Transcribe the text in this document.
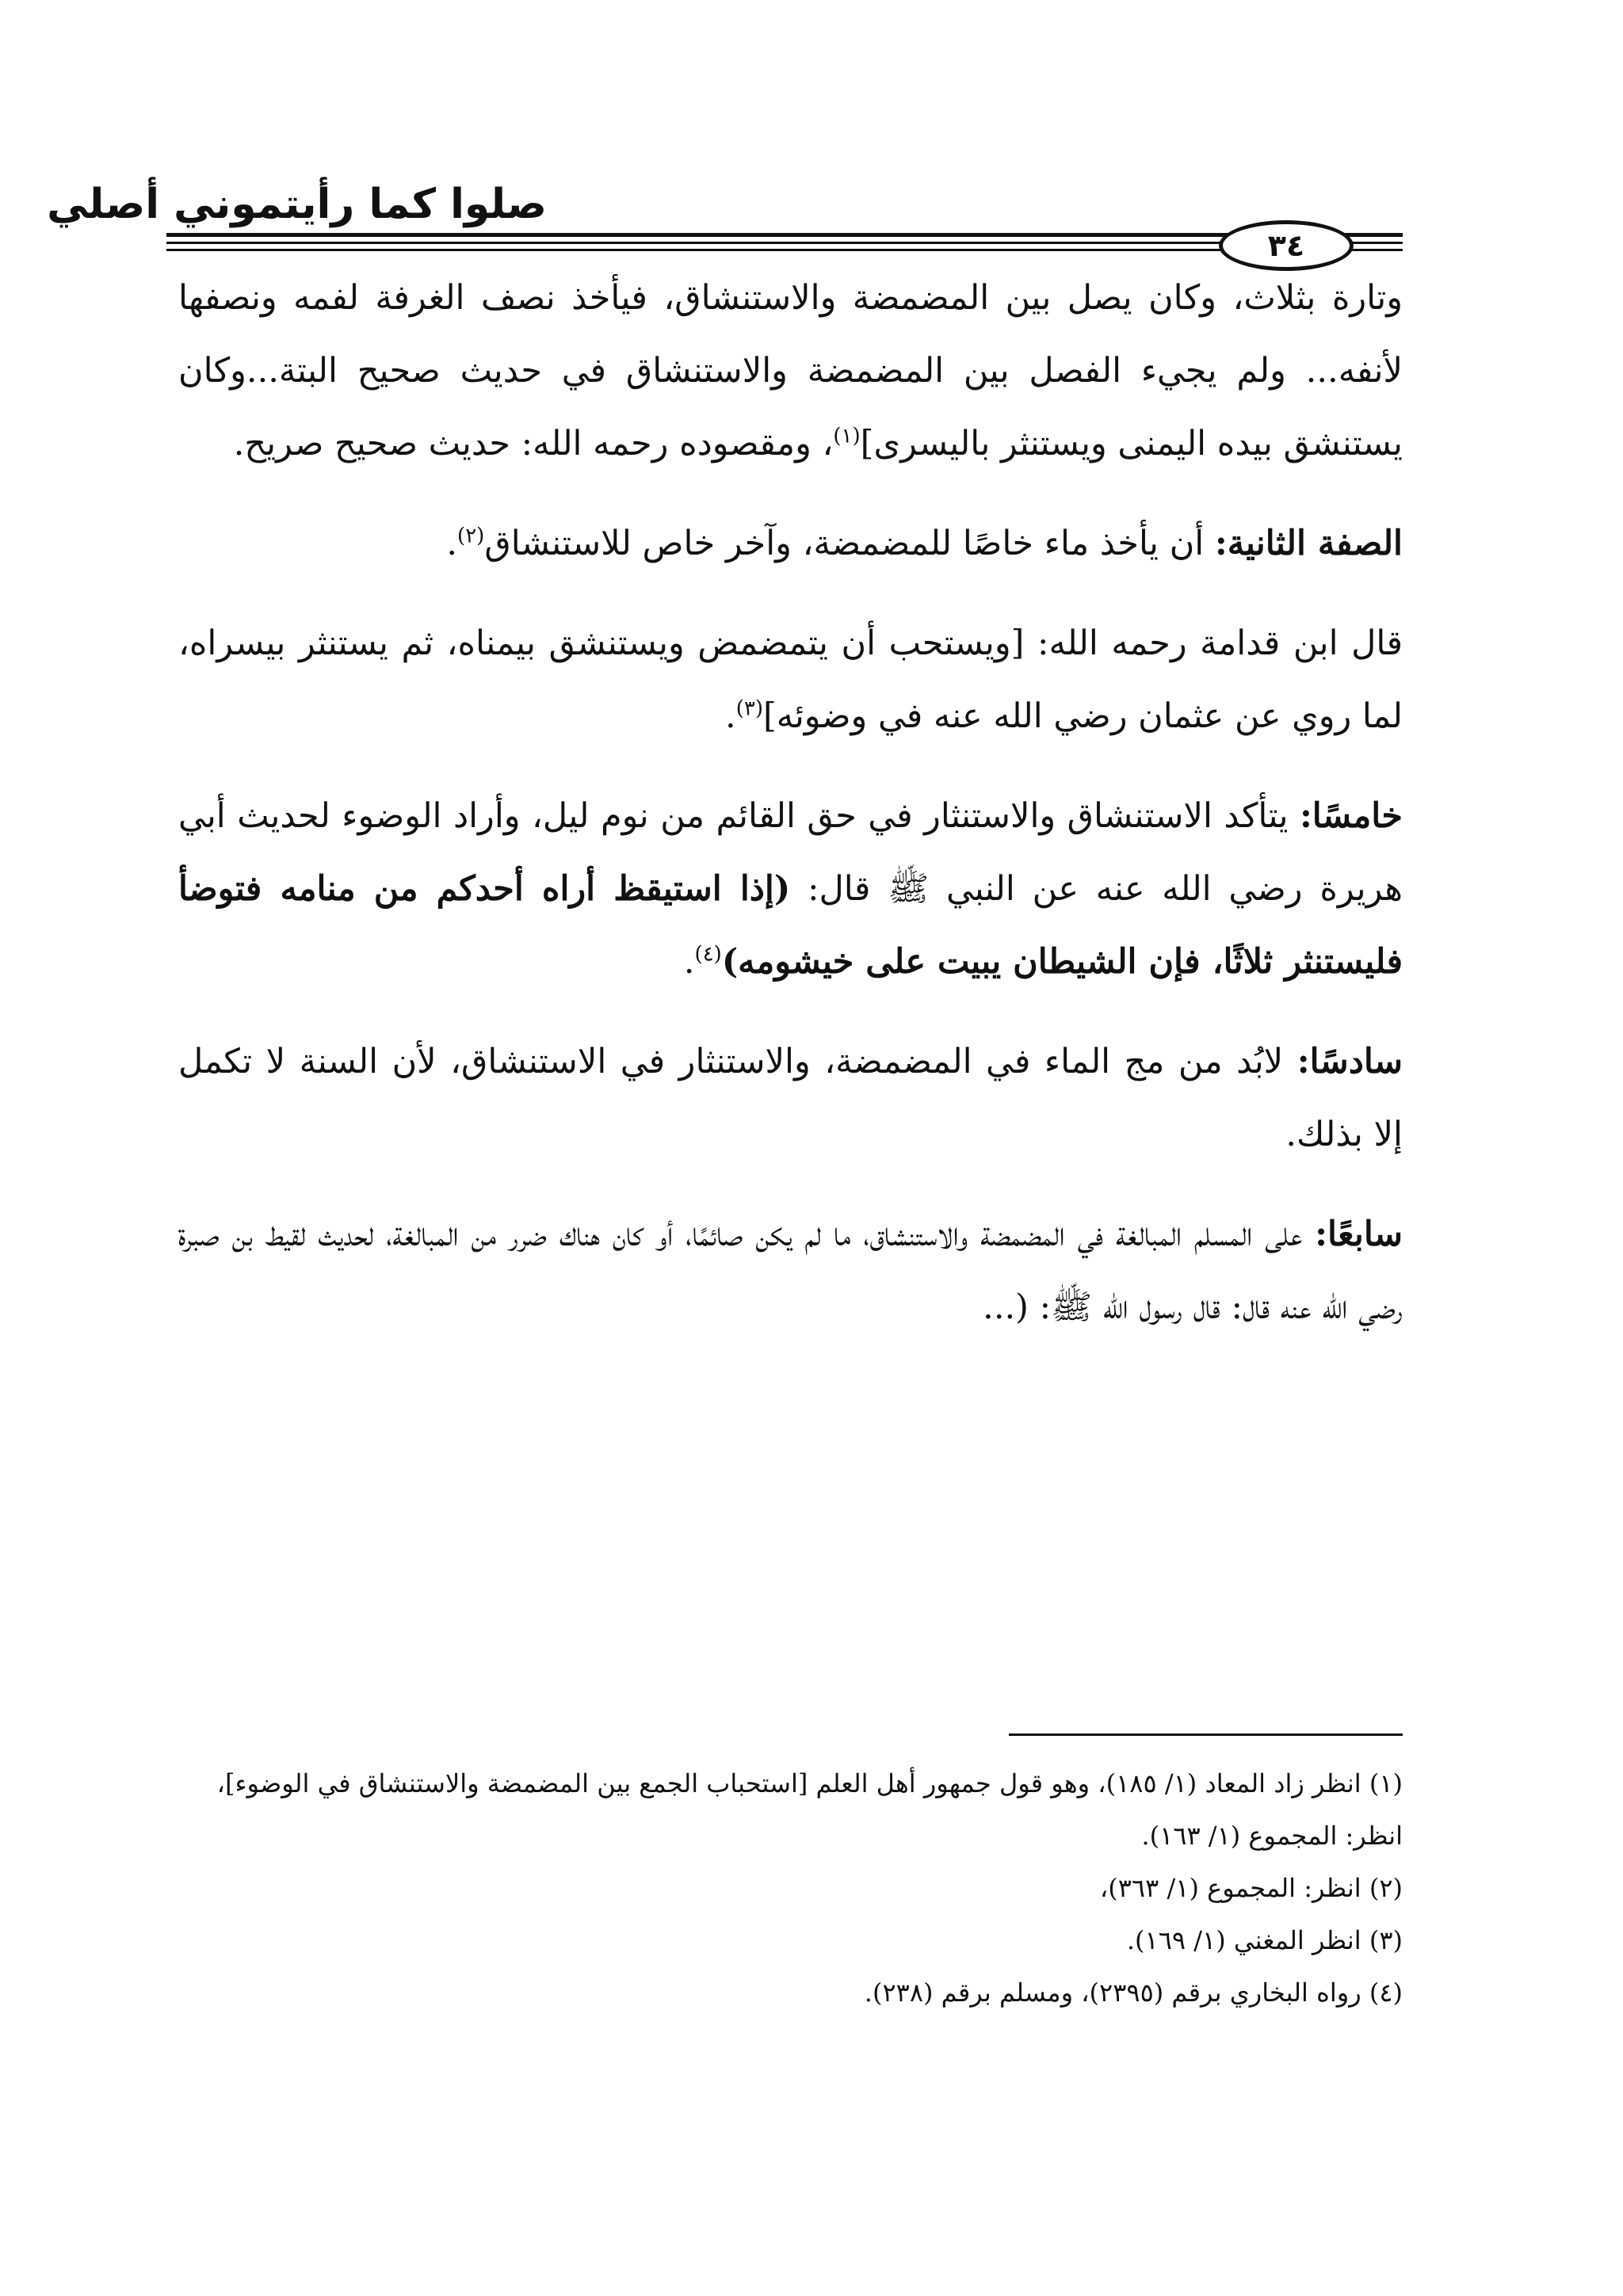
صلوا كما رأيتموني أصلي
٣٤

وتارة بثلاث، وكان يصل بين المضمضة والاستنشاق، فيأخذ نصف الغرفة لفمه ونصفها لأنفه... ولم يجيء الفصل بين المضمضة والاستنشاق في حديث صحيح البتة...وكان يستنشق بيده اليمنى ويستنثر باليسرى]$^{(١)}$، ومقصوده رحمه الله: حديث صحيح صريح.

الصفة الثانية: أن يأخذ ماء خاصًا للمضمضة، وآخر خاص للاستنشاق$^{(٢)}$.

قال ابن قدامة رحمه الله: [ويستحب أن يتمضمض ويستنشق بيمناه، ثم يستنثر بيسراه، لما روي عن عثمان رضي الله عنه في وضوئه]$^{(٣)}$.

خامسًا: يتأكد الاستنشاق والاستنثار في حق القائم من نوم ليل، وأراد الوضوء لحديث أبي هريرة رضي الله عنه عن النبي ﷺ قال: (إذا استيقظ أراه أحدكم من منامه فتوضأ فليستنثر ثلاثًا، فإن الشيطان يبيت على خيشومه)$^{(٤)}$.

سادسًا: لابُد من مج الماء في المضمضة، والاستنثار في الاستنشاق، لأن السنة لا تكمل إلا بذلك.

سابعًا: على المسلم المبالغة في المضمضة والاستنشاق، ما لم يكن صائمًا، أو كان هناك ضرر من المبالغة، لحديث لقيط بن صبرة رضي الله عنه قال: قال رسول الله ﷺ: (...

(١) انظر زاد المعاد (١/ ١٨٥)، وهو قول جمهور أهل العلم [استحباب الجمع بين المضمضة والاستنشاق في الوضوء]، انظر: المجموع (١/ ١٦٣).

(٢) انظر: المجموع (١/ ٣٦٣)،

(٣) انظر المغني (١/ ١٦٩).

(٤) رواه البخاري برقم (٢٣٩٥)، ومسلم برقم (٢٣٨).
